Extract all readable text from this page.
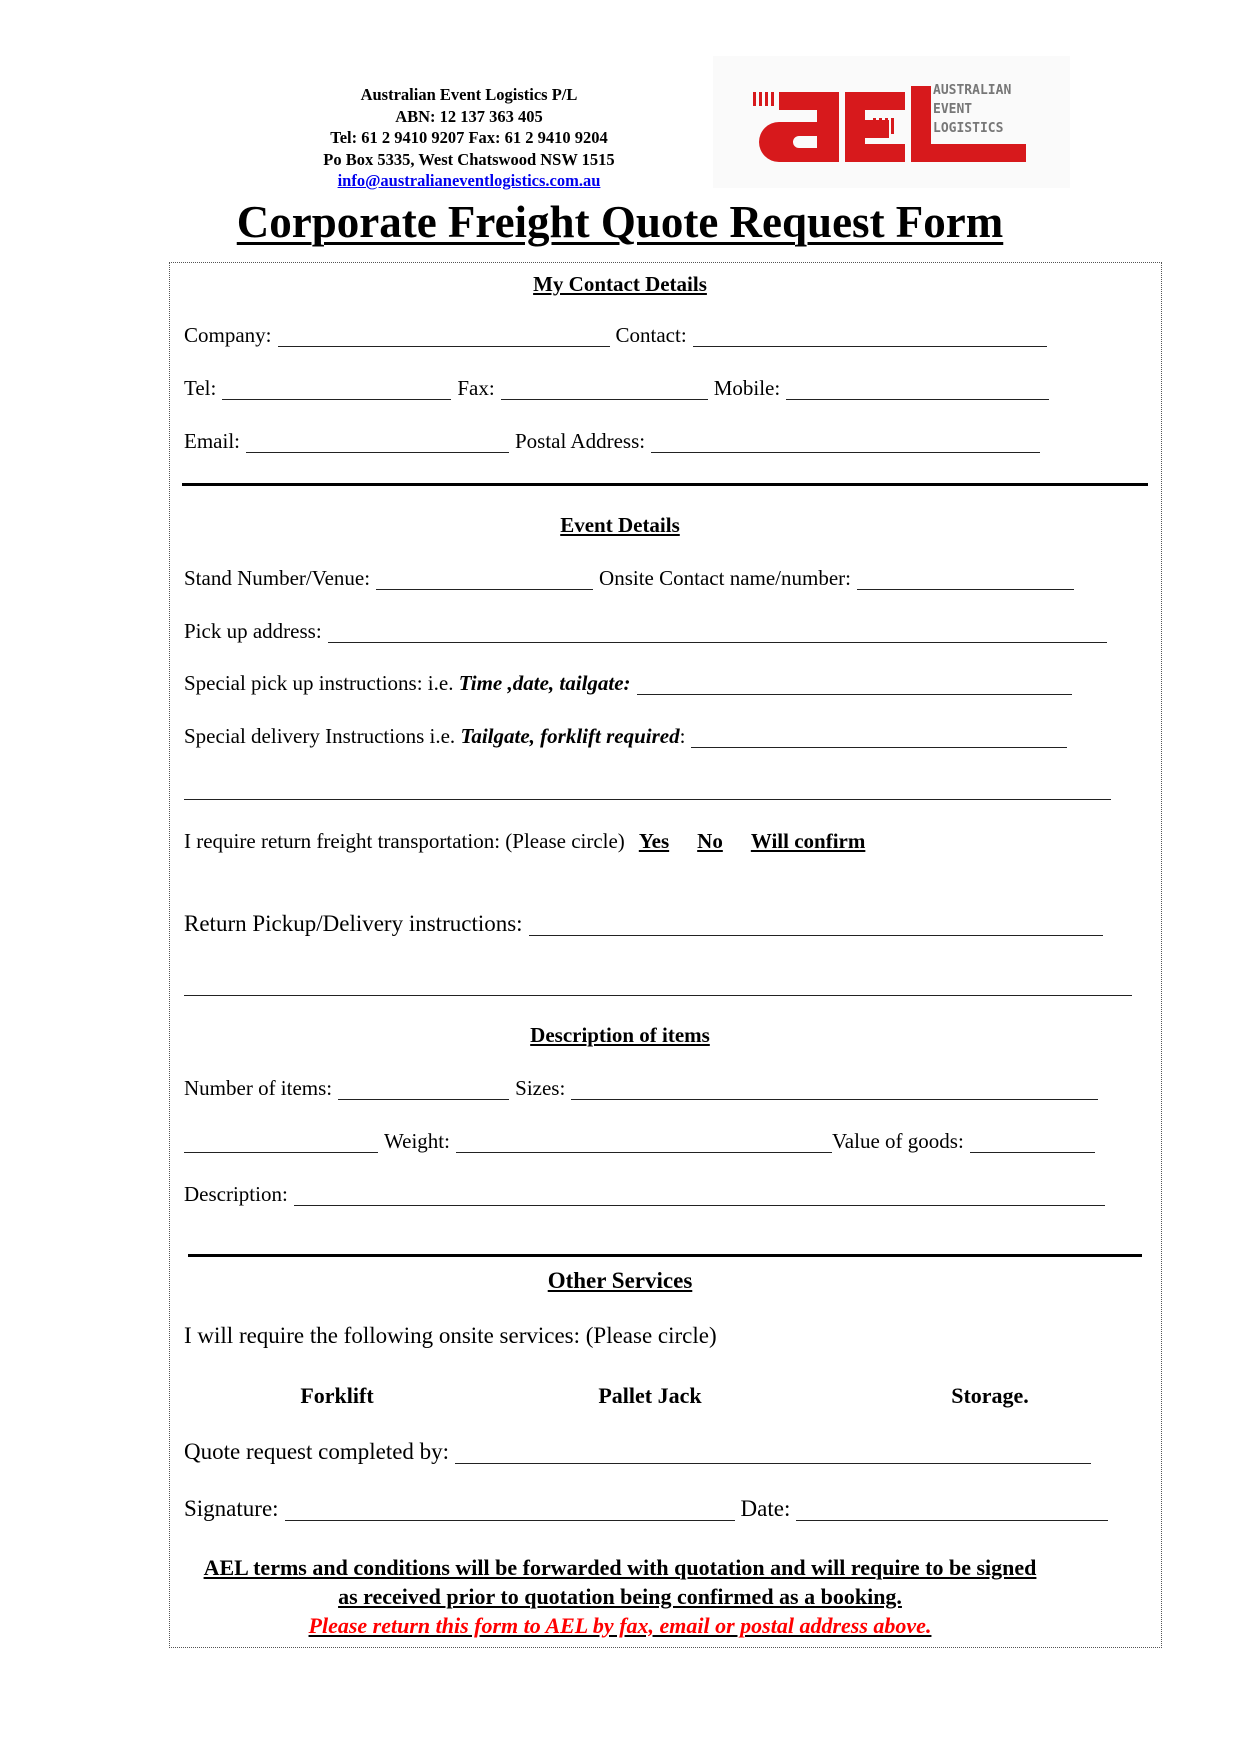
Australian Event Logistics P/L
ABN: 12 137 363 405
Tel: 61 2 9410 9207 Fax: 61 2 9410 9204
Po Box 5335, West Chatswood NSW 1515
info@australianeventlogistics.com.au
AUSTRALIAN
EVENT
LOGISTICS
Corporate Freight Quote Request Form
My Contact Details
Company:	Contact:
Tel:	Fax:	Mobile:
Email:	Postal Address:
Event Details
Stand Number/Venue:	Onsite Contact name/number:
Pick up address:
Special pick up instructions: i.e. Time ,date, tailgate:
Special delivery Instructions i.e. Tailgate, forklift required:
I require return freight transportation: (Please circle) Yes No Will confirm
Return Pickup/Delivery instructions:
Description of items
Number of items:	Sizes:
Weight:	Value of goods:
Description:
Other Services
I will require the following onsite services: (Please circle)
Forklift	Pallet Jack	Storage.
Quote request completed by:
Signature:	Date:
AEL terms and conditions will be forwarded with quotation and will require to be signed
as received prior to quotation being confirmed as a booking.
Please return this form to AEL by fax, email or postal address above.
